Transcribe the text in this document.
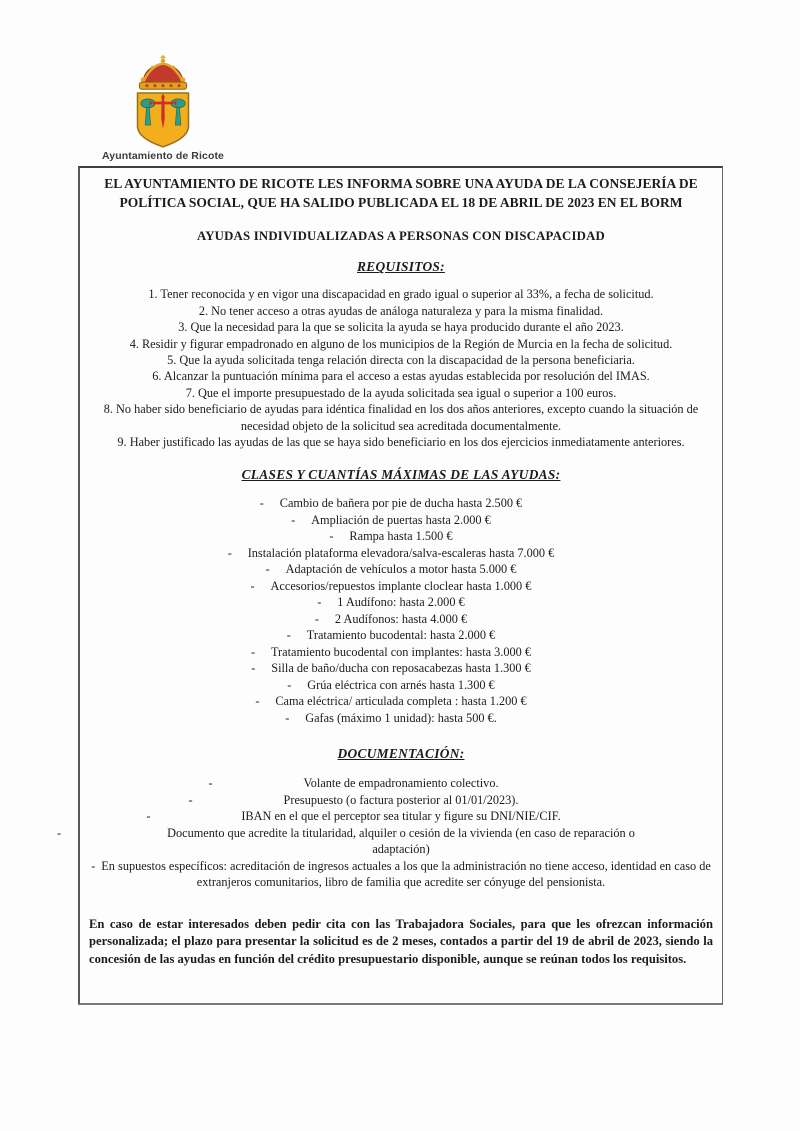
Ayuntamiento de Ricote
EL AYUNTAMIENTO DE RICOTE LES INFORMA SOBRE UNA AYUDA DE LA CONSEJERÍA DE POLÍTICA SOCIAL, QUE HA SALIDO PUBLICADA EL 18 DE ABRIL DE 2023 EN EL BORM
AYUDAS INDIVIDUALIZADAS A PERSONAS CON DISCAPACIDAD
REQUISITOS:
1. Tener reconocida y en vigor una discapacidad en grado igual o superior al 33%, a fecha de solicitud.
2. No tener acceso a otras ayudas de análoga naturaleza y para la misma finalidad.
3. Que la necesidad para la que se solicita la ayuda se haya producido durante el año 2023.
4. Residir y figurar empadronado en alguno de los municipios de la Región de Murcia en la fecha de solicitud.
5. Que la ayuda solicitada tenga relación directa con la discapacidad de la persona beneficiaria.
6. Alcanzar la puntuación mínima para el acceso a estas ayudas establecida por resolución del IMAS.
7. Que el importe presupuestado de la ayuda solicitada sea igual o superior a 100 euros.
8. No haber sido beneficiario de ayudas para idéntica finalidad en los dos años anteriores, excepto cuando la situación de necesidad objeto de la solicitud sea acreditada documentalmente.
9. Haber justificado las ayudas de las que se haya sido beneficiario en los dos ejercicios inmediatamente anteriores.
CLASES Y CUANTÍAS MÁXIMAS DE LAS AYUDAS:
- Cambio de bañera por pie de ducha hasta 2.500 €
- Ampliación de puertas hasta 2.000 €
- Rampa hasta 1.500 €
- Instalación plataforma elevadora/salva-escaleras hasta 7.000 €
- Adaptación de vehículos a motor hasta 5.000 €
- Accesorios/repuestos implante cloclear hasta 1.000 €
- 1 Audífono: hasta 2.000 €
- 2 Audífonos: hasta 4.000 €
- Tratamiento bucodental: hasta 2.000 €
- Tratamiento bucodental con implantes: hasta 3.000 €
- Silla de baño/ducha con reposacabezas hasta 1.300 €
- Grúa eléctrica con arnés hasta 1.300 €
- Cama eléctrica/ articulada completa : hasta 1.200 €
- Gafas (máximo 1 unidad): hasta 500 €.
DOCUMENTACIÓN:
-	Volante de empadronamiento colectivo.
-	Presupuesto (o factura posterior al 01/01/2023).
-	IBAN en el que el perceptor sea titular y figure su DNI/NIE/CIF.
-	Documento que acredite la titularidad, alquiler o cesión de la vivienda (en caso de reparación o adaptación)
- En supuestos específicos: acreditación de ingresos actuales a los que la administración no tiene acceso, identidad en caso de extranjeros comunitarios, libro de familia que acredite ser cónyuge del pensionista.
En caso de estar interesados deben pedir cita con las Trabajadora Sociales, para que les ofrezcan información personalizada; el plazo para presentar la solicitud es de 2 meses, contados a partir del 19 de abril de 2023, siendo la concesión de las ayudas en función del crédito presupuestario disponible, aunque se reúnan todos los requisitos.
